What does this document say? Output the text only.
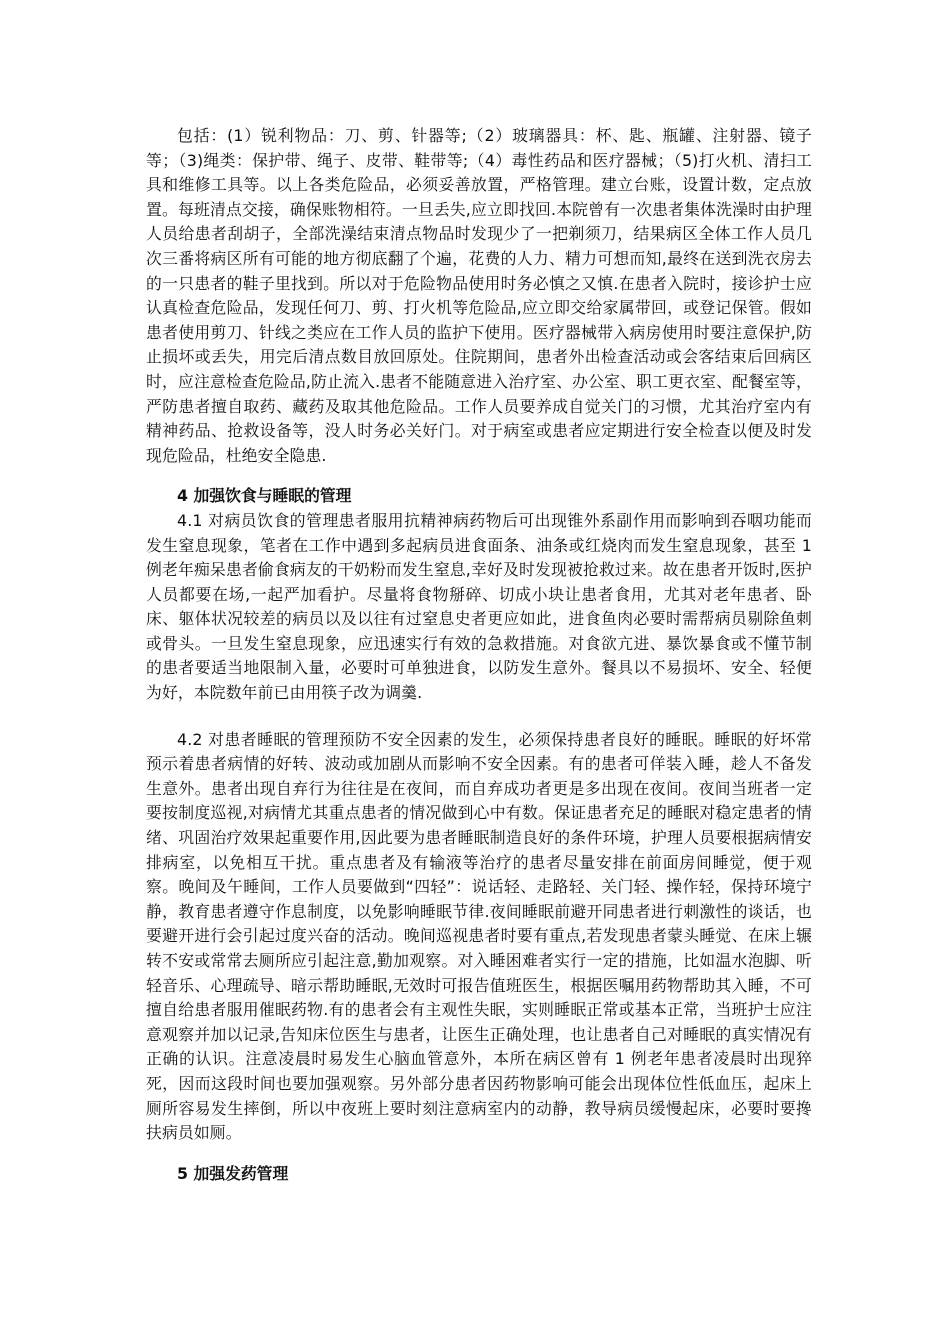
包括：(1）锐利物品：刀、剪、针器等;（2）玻璃器具：杯、匙、瓶罐、注射器、镜子等；（3)绳类：保护带、绳子、皮带、鞋带等;（4）毒性药品和医疗器械；（5)打火机、清扫工具和维修工具等。以上各类危险品，必须妥善放置，严格管理。建立台账，设置计数，定点放置。每班清点交接，确保账物相符。一旦丢失,应立即找回.本院曾有一次患者集体洗澡时由护理人员给患者刮胡子，全部洗澡结束清点物品时发现少了一把剃须刀，结果病区全体工作人员几次三番将病区所有可能的地方彻底翻了个遍，花费的人力、精力可想而知,最终在送到洗衣房去的一只患者的鞋子里找到。所以对于危险物品使用时务必慎之又慎.在患者入院时，接诊护士应认真检查危险品，发现任何刀、剪、打火机等危险品,应立即交给家属带回，或登记保管。假如患者使用剪刀、针线之类应在工作人员的监护下使用。医疗器械带入病房使用时要注意保护,防止损坏或丢失，用完后清点数目放回原处。住院期间，患者外出检查活动或会客结束后回病区时，应注意检查危险品,防止流入.患者不能随意进入治疗室、办公室、职工更衣室、配餐室等，严防患者擅自取药、藏药及取其他危险品。工作人员要养成自觉关门的习惯，尤其治疗室内有精神药品、抢救设备等，没人时务必关好门。对于病室或患者应定期进行安全检查以便及时发现危险品，杜绝安全隐患.

4 加强饮食与睡眠的管理

4.1 对病员饮食的管理患者服用抗精神病药物后可出现锥外系副作用而影响到吞咽功能而发生窒息现象，笔者在工作中遇到多起病员进食面条、油条或红烧肉而发生窒息现象，甚至 1 例老年痴呆患者偷食病友的干奶粉而发生窒息,幸好及时发现被抢救过来。故在患者开饭时,医护人员都要在场,一起严加看护。尽量将食物掰碎、切成小块让患者食用，尤其对老年患者、卧床、躯体状况较差的病员以及以往有过窒息史者更应如此，进食鱼肉必要时需帮病员剔除鱼刺或骨头。一旦发生窒息现象，应迅速实行有效的急救措施。对食欲亢进、暴饮暴食或不懂节制的患者要适当地限制入量，必要时可单独进食，以防发生意外。餐具以不易损坏、安全、轻便为好，本院数年前已由用筷子改为调羹.

4.2 对患者睡眠的管理预防不安全因素的发生，必须保持患者良好的睡眠。睡眠的好坏常预示着患者病情的好转、波动或加剧从而影响不安全因素。有的患者可佯装入睡，趁人不备发生意外。患者出现自弃行为往往是在夜间，而自弃成功者更是多出现在夜间。夜间当班者一定要按制度巡视,对病情尤其重点患者的情况做到心中有数。保证患者充足的睡眠对稳定患者的情绪、巩固治疗效果起重要作用,因此要为患者睡眠制造良好的条件环境，护理人员要根据病情安排病室，以免相互干扰。重点患者及有输液等治疗的患者尽量安排在前面房间睡觉，便于观察。晚间及午睡间，工作人员要做到“四轻”：说话轻、走路轻、关门轻、操作轻，保持环境宁静，教育患者遵守作息制度，以免影响睡眠节律.夜间睡眠前避开同患者进行刺激性的谈话，也要避开进行会引起过度兴奋的活动。晚间巡视患者时要有重点,若发现患者蒙头睡觉、在床上辗转不安或常常去厕所应引起注意,勤加观察。对入睡困难者实行一定的措施，比如温水泡脚、听轻音乐、心理疏导、暗示帮助睡眠,无效时可报告值班医生，根据医嘱用药物帮助其入睡，不可擅自给患者服用催眠药物.有的患者会有主观性失眠，实则睡眠正常或基本正常，当班护士应注意观察并加以记录,告知床位医生与患者，让医生正确处理，也让患者自己对睡眠的真实情况有正确的认识。注意凌晨时易发生心脑血管意外，本所在病区曾有 1 例老年患者凌晨时出现猝死，因而这段时间也要加强观察。另外部分患者因药物影响可能会出现体位性低血压，起床上厕所容易发生摔倒，所以中夜班上要时刻注意病室内的动静，教导病员缓慢起床，必要时要搀扶病员如厕。

5 加强发药管理
